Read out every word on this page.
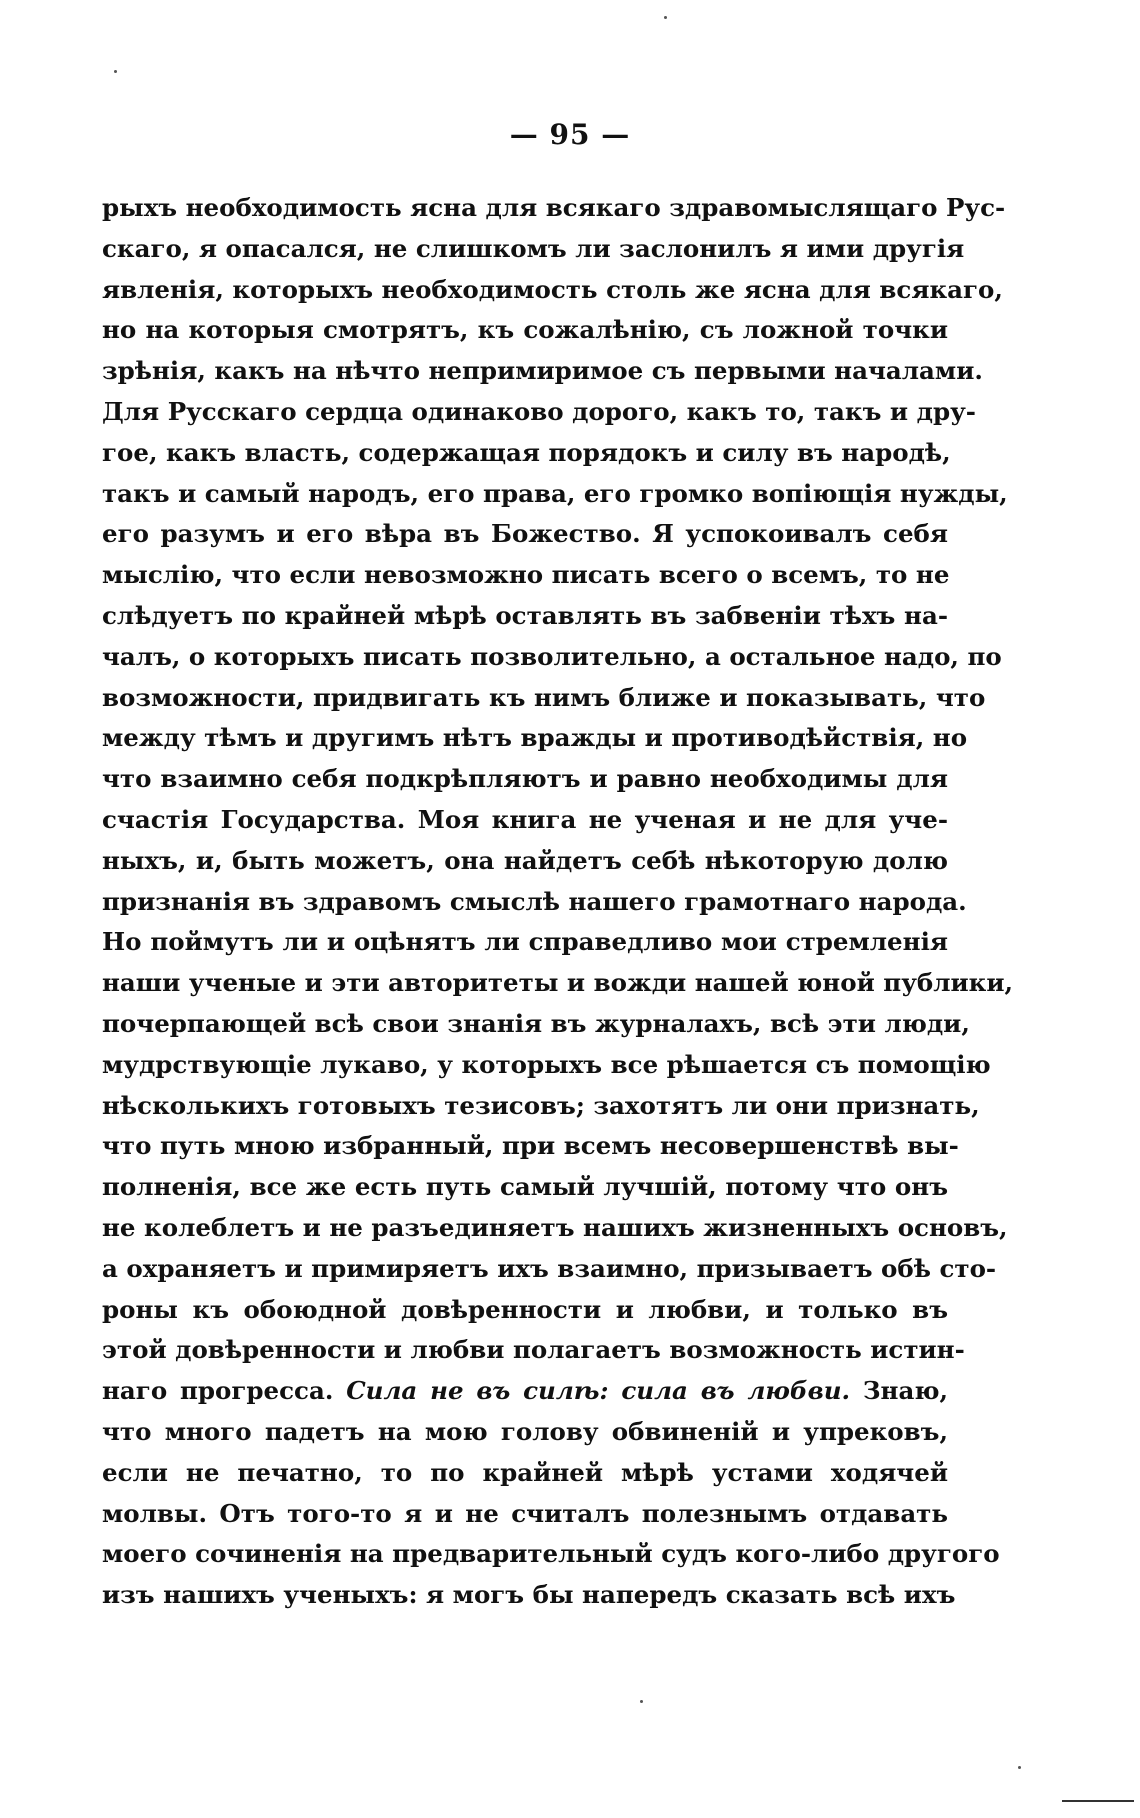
— 95 —
рыхъ необходимость ясна для всякаго здравомыслящаго Рус-
скаго, я опасался, не слишкомъ ли заслонилъ я ими другія
явленія, которыхъ необходимость столь же ясна для всякаго,
но на которыя смотрятъ, къ сожалѣнію, съ ложной точки
зрѣнія, какъ на нѣчто непримиримое съ первыми началами.
Для Русскаго сердца одинаково дорого, какъ то, такъ и дру-
гое, какъ власть, содержащая порядокъ и силу въ народѣ,
такъ и самый народъ, его права, его громко вопіющія нужды,
его разумъ и его вѣра въ Божество. Я успокоивалъ себя
мыслію, что если невозможно писать всего о всемъ, то не
слѣдуетъ по крайней мѣрѣ оставлять въ забвеніи тѣхъ на-
чалъ, о которыхъ писать позволительно, а остальное надо, по
возможности, придвигать къ нимъ ближе и показывать, что
между тѣмъ и другимъ нѣтъ вражды и противодѣйствія, но
что взаимно себя подкрѣпляютъ и равно необходимы для
счастія Государства. Моя книга не ученая и не для уче-
ныхъ, и, быть можетъ, она найдетъ себѣ нѣкоторую долю
признанія въ здравомъ смыслѣ нашего грамотнаго народа.
Но поймутъ ли и оцѣнятъ ли справедливо мои стремленія
наши ученые и эти авторитеты и вожди нашей юной публики,
почерпающей всѣ свои знанія въ журналахъ, всѣ эти люди,
мудрствующіе лукаво, у которыхъ все рѣшается съ помощію
нѣсколькихъ готовыхъ тезисовъ; захотятъ ли они признать,
что путь мною избранный, при всемъ несовершенствѣ вы-
полненія, все же есть путь самый лучшій, потому что онъ
не колеблетъ и не разъединяетъ нашихъ жизненныхъ основъ,
а охраняетъ и примиряетъ ихъ взаимно, призываетъ обѣ сто-
роны къ обоюдной довѣренности и любви, и только въ
этой довѣренности и любви полагаетъ возможность истин-
наго прогресса. Сила не въ силѣ: сила въ любви. Знаю,
что много падетъ на мою голову обвиненій и упрековъ,
если не печатно, то по крайней мѣрѣ устами ходячей
молвы. Отъ того-то я и не считалъ полезнымъ отдавать
моего сочиненія на предварительный судъ кого-либо другого
изъ нашихъ ученыхъ: я могъ бы напередъ сказать всѣ ихъ
